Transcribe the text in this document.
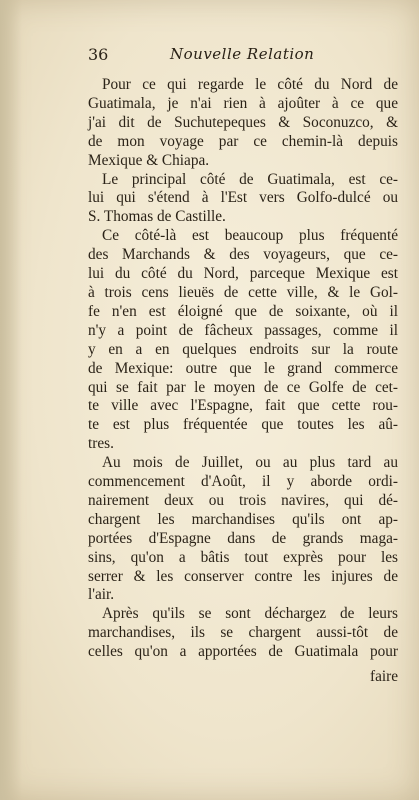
36	Nouvelle Relation
Pour ce qui regarde le côté du Nord de
Guatimala, je n'ai rien à ajoûter à ce que
j'ai dit de Suchutepeques & Soconuzco, &
de mon voyage par ce chemin-là depuis
Mexique & Chiapa.
Le principal côté de Guatimala, est ce-
lui qui s'étend à l'Est vers Golfo-dulcé ou
S. Thomas de Castille.
Ce côté-là est beaucoup plus fréquenté
des Marchands & des voyageurs, que ce-
lui du côté du Nord, parceque Mexique est
à trois cens lieuës de cette ville, & le Gol-
fe n'en est éloigné que de soixante, où il
n'y a point de fâcheux passages, comme il
y en a en quelques endroits sur la route
de Mexique: outre que le grand commerce
qui se fait par le moyen de ce Golfe de cet-
te ville avec l'Espagne, fait que cette rou-
te est plus fréquentée que toutes les aû-
tres.
Au mois de Juillet, ou au plus tard au
commencement d'Août, il y aborde ordi-
nairement deux ou trois navires, qui dé-
chargent les marchandises qu'ils ont ap-
portées d'Espagne dans de grands maga-
sins, qu'on a bâtis tout exprès pour les
serrer & les conserver contre les injures de
l'air.
Après qu'ils se sont déchargez de leurs
marchandises, ils se chargent aussi-tôt de
celles qu'on a apportées de Guatimala pour
faire
